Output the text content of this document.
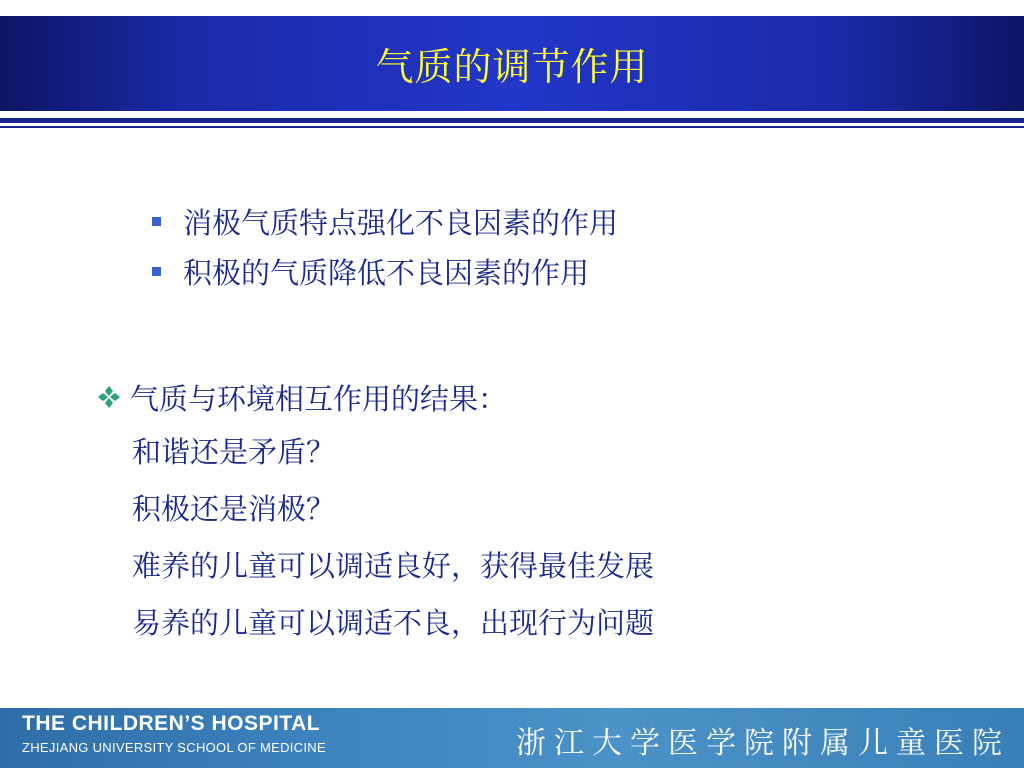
气质的调节作用
消极气质特点强化不良因素的作用
积极的气质降低不良因素的作用
气质与环境相互作用的结果：
和谐还是矛盾？
积极还是消极？
难养的儿童可以调适良好，获得最佳发展
易养的儿童可以调适不良，出现行为问题
THE CHILDREN’S HOSPITAL
ZHEJIANG UNIVERSITY SCHOOL OF MEDICINE	浙江大学医学院附属儿童医院
